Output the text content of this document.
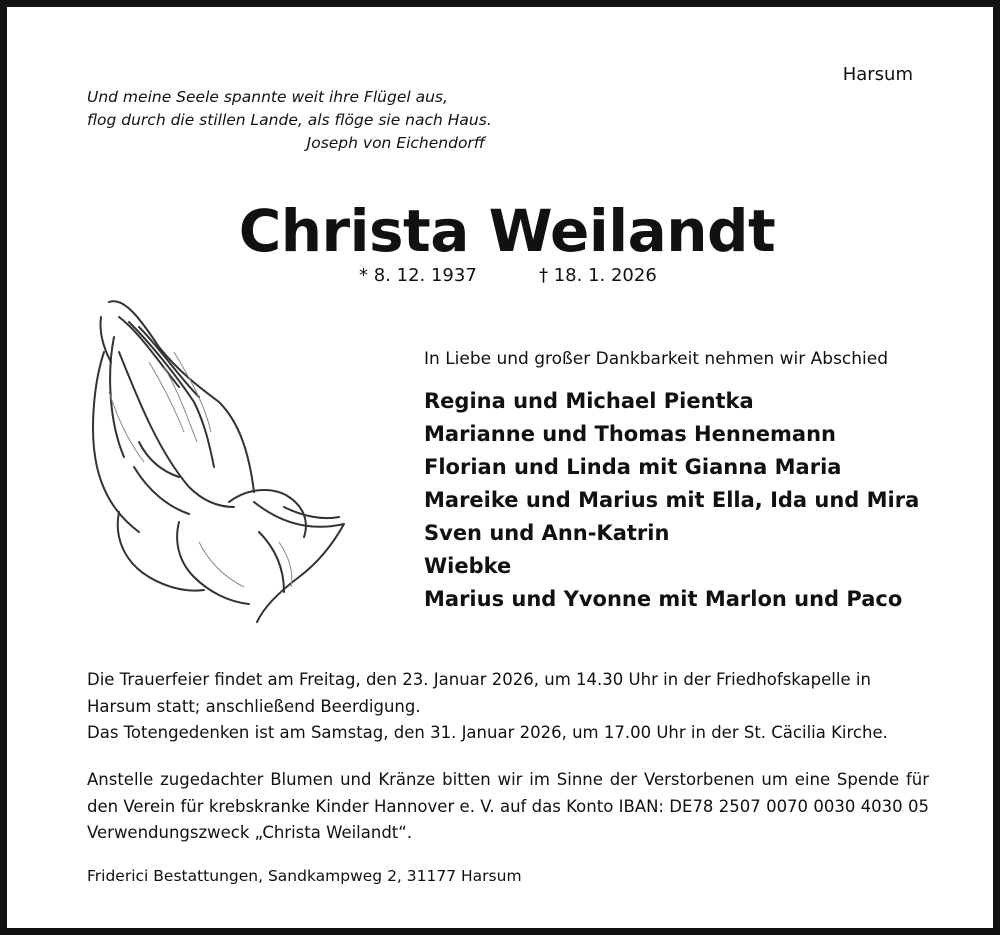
Harsum
Und meine Seele spannte weit ihre Flügel aus,
flog durch die stillen Lande, als flöge sie nach Haus.
Joseph von Eichendorff
Christa Weilandt
* 8. 12. 1937	† 18. 1. 2026
In Liebe und großer Dankbarkeit nehmen wir Abschied
Regina und Michael Pientka
Marianne und Thomas Hennemann
Florian und Linda mit Gianna Maria
Mareike und Marius mit Ella, Ida und Mira
Sven und Ann-Katrin
Wiebke
Marius und Yvonne mit Marlon und Paco

Die Trauerfeier findet am Freitag, den 23. Januar 2026, um 14.30 Uhr in der Friedhofskapelle in Harsum statt; anschließend Beerdigung.

Das Totengedenken ist am Samstag, den 31. Januar 2026, um 17.00 Uhr in der St. Cäcilia Kirche.

Anstelle zugedachter Blumen und Kränze bitten wir im Sinne der Verstorbenen um eine Spende für den Verein für krebskranke Kinder Hannover e. V. auf das Konto IBAN: DE78 2507 0070 0030 4030 05 Verwendungszweck „Christa Weilandt“.

Friderici Bestattungen, Sandkampweg 2, 31177 Harsum
